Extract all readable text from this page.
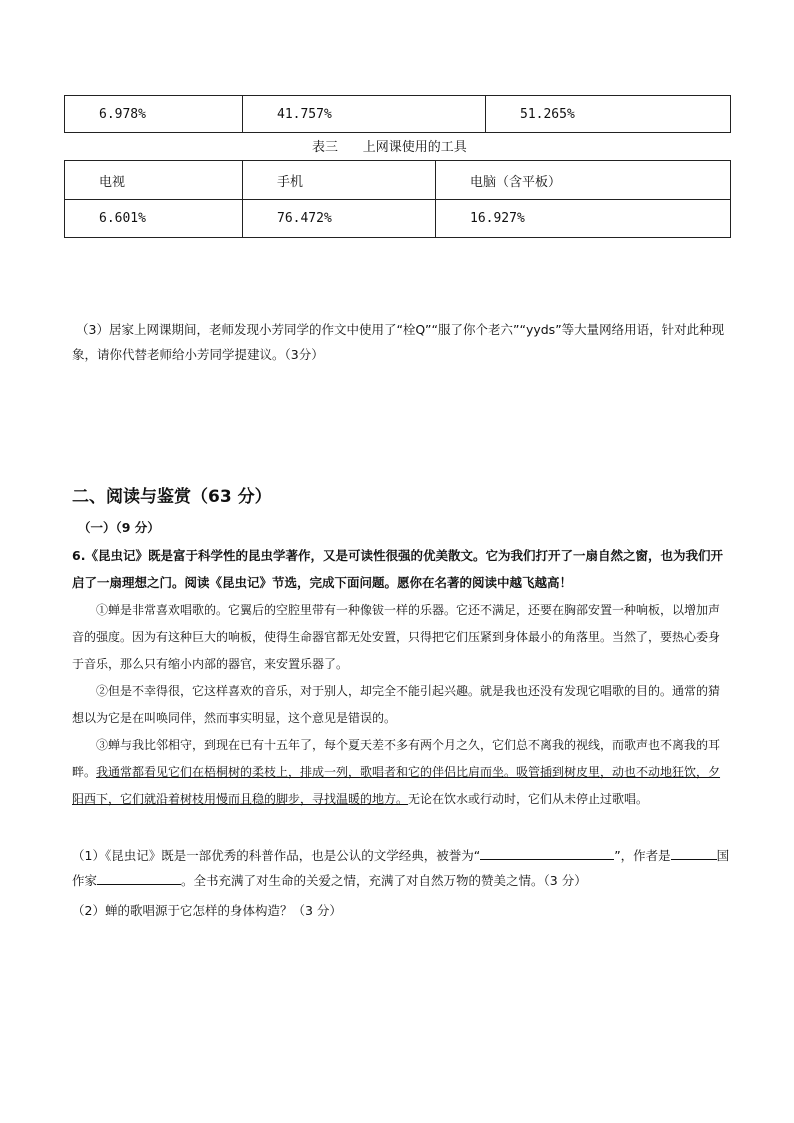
6.978%	41.757%	51.265%
表三      上网课使用的工具
电视	手机	电脑（含平板）
6.601%	76.472%	16.927%
（3）居家上网课期间，老师发现小芳同学的作文中使用了“栓Q”“服了你个老六”“yyds”等大量网络用语，针对此种现象，请你代替老师给小芳同学提建议。（3分）
二、阅读与鉴赏（63 分）
（一）（9 分）
6.《昆虫记》既是富于科学性的昆虫学著作，又是可读性很强的优美散文。它为我们打开了一扇自然之窗，也为我们开启了一扇理想之门。阅读《昆虫记》节选，完成下面问题。愿你在名著的阅读中越飞越高！
①蝉是非常喜欢唱歌的。它翼后的空腔里带有一种像钹一样的乐器。它还不满足，还要在胸部安置一种响板，以增加声音的强度。因为有这种巨大的响板，使得生命器官都无处安置，只得把它们压紧到身体最小的角落里。当然了，要热心委身于音乐，那么只有缩小内部的器官，来安置乐器了。
②但是不幸得很，它这样喜欢的音乐，对于别人，却完全不能引起兴趣。就是我也还没有发现它唱歌的目的。通常的猜想以为它是在叫唤同伴，然而事实明显，这个意见是错误的。
③蝉与我比邻相守，到现在已有十五年了，每个夏天差不多有两个月之久，它们总不离我的视线，而歌声也不离我的耳畔。我通常都看见它们在梧桐树的柔枝上，排成一列，歌唱者和它的伴侣比肩而坐。吸管插到树皮里，动也不动地狂饮，夕阳西下，它们就沿着树枝用慢而且稳的脚步，寻找温暖的地方。无论在饮水或行动时，它们从未停止过歌唱。
（1）《昆虫记》既是一部优秀的科普作品，也是公认的文学经典，被誉为“	”，作者是	国作家	。全书充满了对生命的关爱之情，充满了对自然万物的赞美之情。（3 分）
（2）蝉的歌唱源于它怎样的身体构造？（3 分）
